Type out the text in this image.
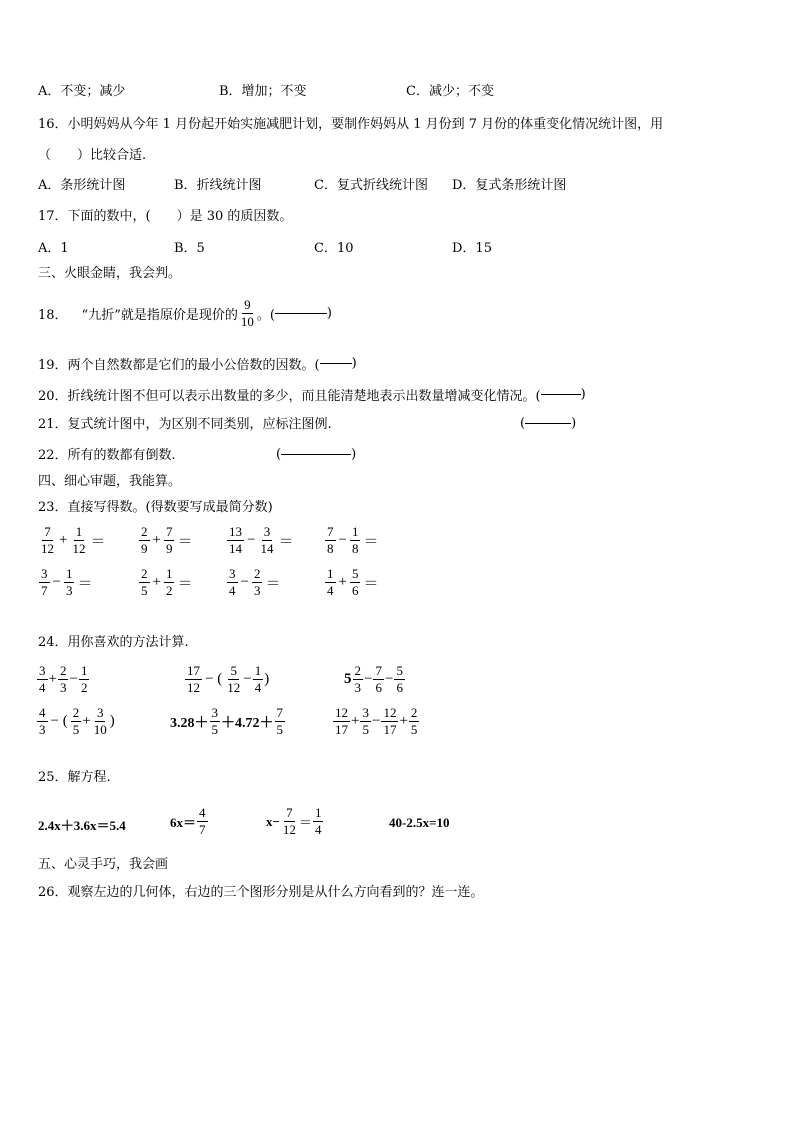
A．不变；减少	B．增加；不变	C．减少；不变
16．小明妈妈从今年 1 月份起开始实施减肥计划，要制作妈妈从 1 月份到 7 月份的体重变化情况统计图，用
（　　）比较合适.
A．条形统计图	B．折线统计图	C．复式折线统计图 D．复式条形统计图
17．下面的数中，(　　）是 30 的质因数。
A．1	B．5	C．10	D．15
三、火眼金睛，我会判。
18． “九折”就是指原价是现价的 $\frac{9}{10}$ 。(	)
19．两个自然数都是它们的最小公倍数的因数。( )
20．折线统计图不但可以表示出数量的多少，而且能清楚地表示出数量增减变化情况。(	)
21．复式统计图中，为区别不同类别，应标注图例.	(	)
22．所有的数都有倒数.	(	)
四、细心审题，我能算。
23．直接写得数。(得数要写成最简分数)
$\frac{7}{12} + \frac{1}{12}$ ＝	$\frac{2}{9} + \frac{7}{9}$ ＝	$\frac{13}{14} - \frac{3}{14} = \frac{7}{8} - \frac{1}{8}$ ＝
$\frac{3}{7} - \frac{1}{3}$ ＝	$\frac{2}{5} + \frac{1}{2}$ ＝	$\frac{3}{4} - \frac{2}{3}$ ＝	$\frac{1}{4} + \frac{5}{6}$ ＝
24．用你喜欢的方法计算.
$\frac{3}{4} + \frac{2}{3} - \frac{1}{2}$	$\frac{17}{12}$ − ( $\frac{5}{12} - \frac{1}{4}$ )	$5 \frac{2}{3} - \frac{7}{6} - \frac{5}{6}$
$\frac{4}{3}$ − ( $\frac{2}{5} + \frac{3}{10}$ )	$3.28+ \frac{3}{5} +4.72+ \frac{7}{5}$	$\frac{12}{17} + \frac{3}{5} - \frac{12}{17} + \frac{2}{5}$
25．解方程.
2.4x＋3.6x＝5.4	$6x= \frac{4}{7}$	$x- \frac{7}{12} = \frac{1}{4}$	40-2.5x=10
五、心灵手巧，我会画
26．观察左边的几何体，右边的三个图形分别是从什么方向看到的？连一连。
